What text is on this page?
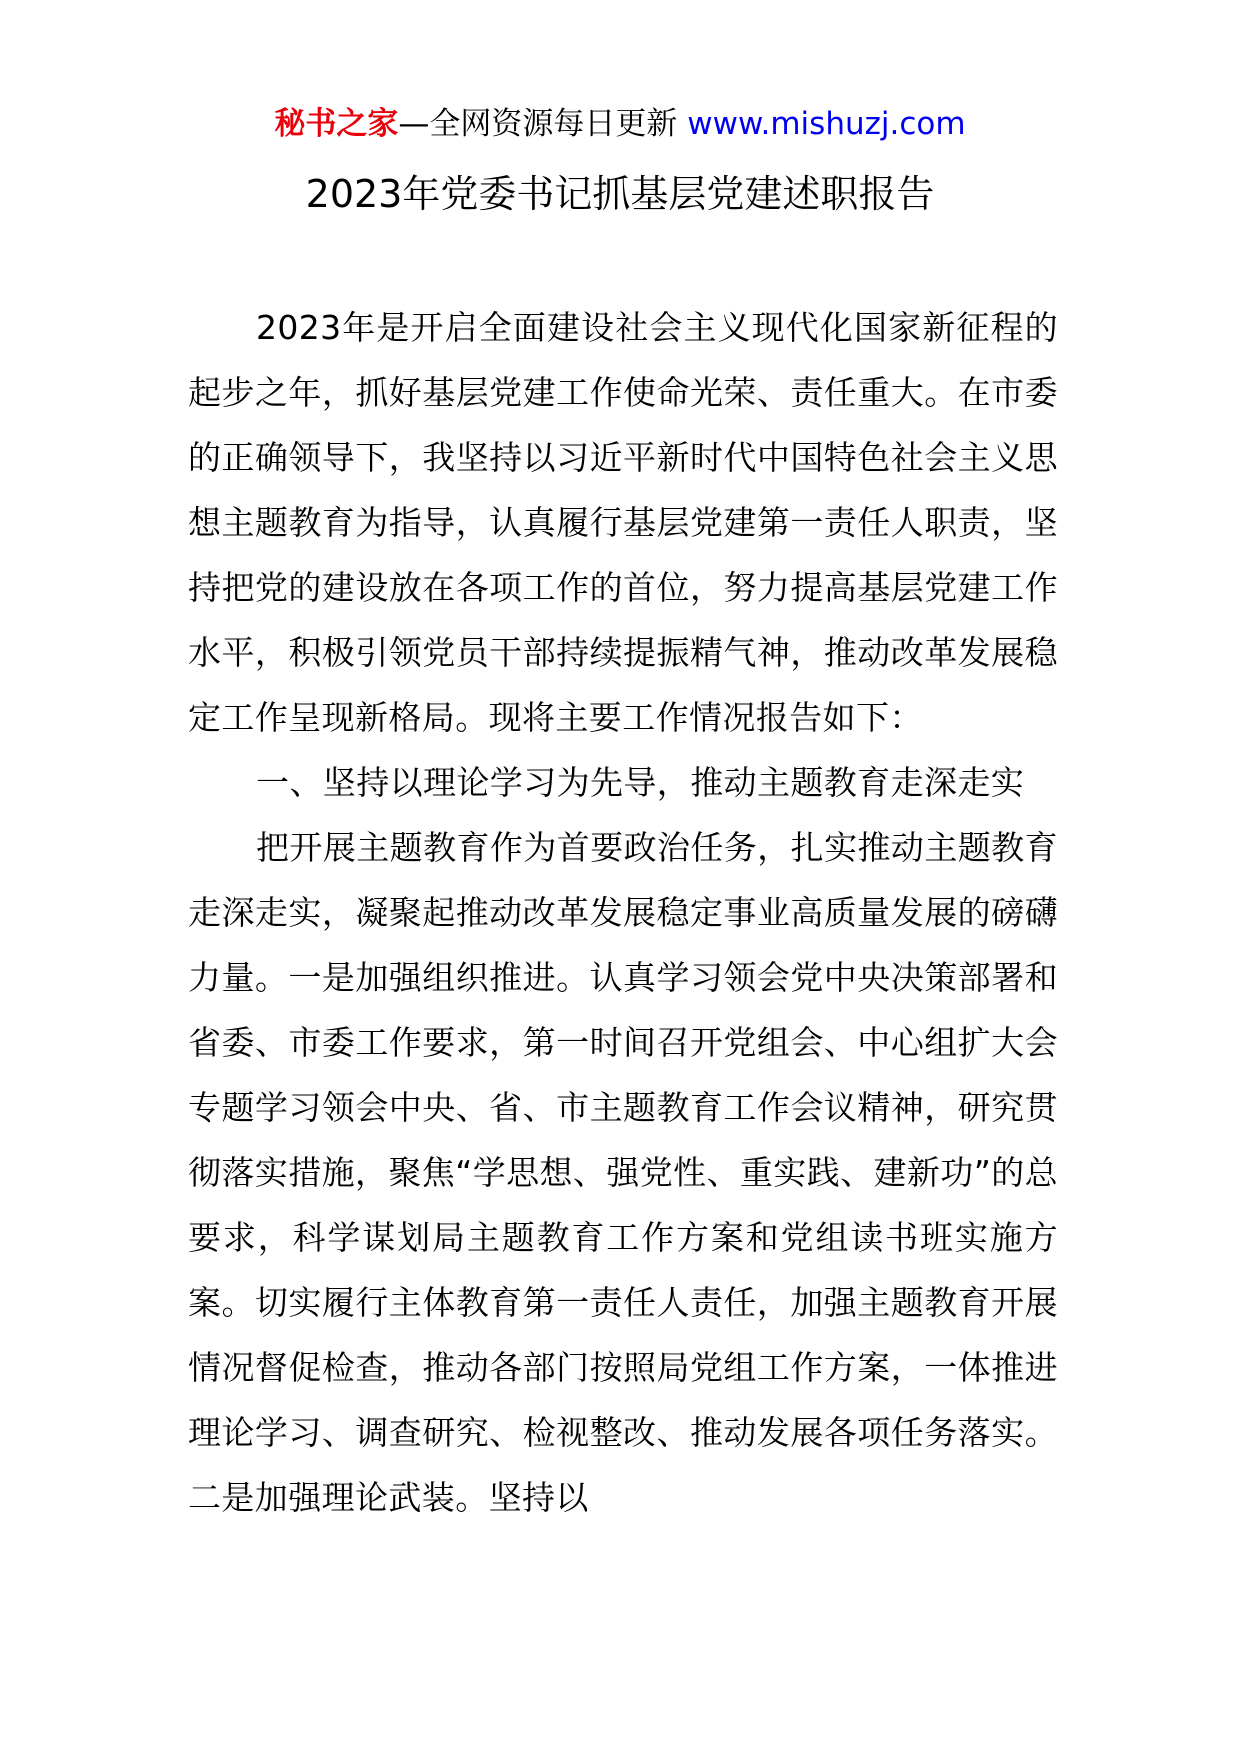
秘书之家—全网资源每日更新 www.mishuzj.com
2023年党委书记抓基层党建述职报告

2023年是开启全面建设社会主义现代化国家新征程的起步之年，抓好基层党建工作使命光荣、责任重大。在市委的正确领导下，我坚持以习近平新时代中国特色社会主义思想主题教育为指导，认真履行基层党建第一责任人职责，坚持把党的建设放在各项工作的首位，努力提高基层党建工作水平，积极引领党员干部持续提振精气神，推动改革发展稳定工作呈现新格局。现将主要工作情况报告如下：

一、坚持以理论学习为先导，推动主题教育走深走实

把开展主题教育作为首要政治任务，扎实推动主题教育走深走实，凝聚起推动改革发展稳定事业高质量发展的磅礴力量。一是加强组织推进。认真学习领会党中央决策部署和省委、市委工作要求，第一时间召开党组会、中心组扩大会专题学习领会中央、省、市主题教育工作会议精神，研究贯彻落实措施，聚焦“学思想、强党性、重实践、建新功”的总要求，科学谋划局主题教育工作方案和党组读书班实施方案。切实履行主体教育第一责任人责任，加强主题教育开展情况督促检查，推动各部门按照局党组工作方案，一体推进理论学习、调查研究、检视整改、推动发展各项任务落实。二是加强理论武装。坚持以
